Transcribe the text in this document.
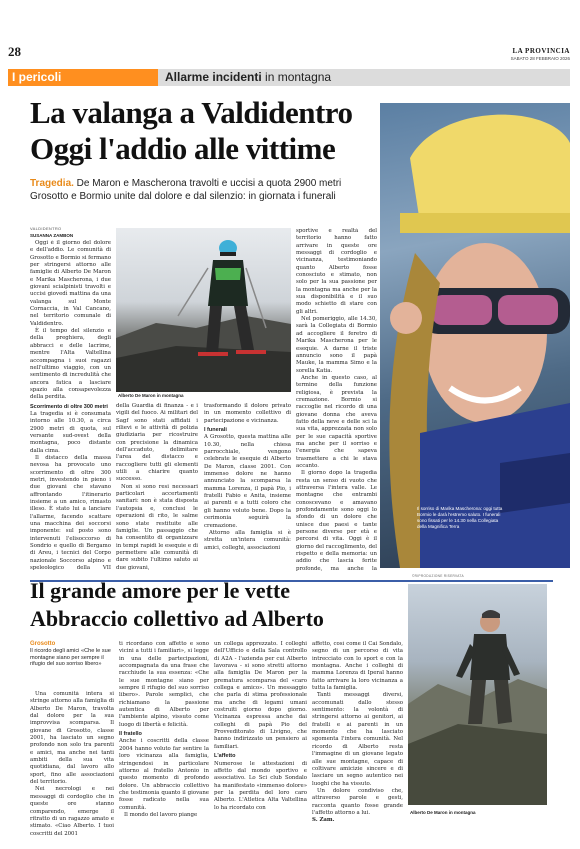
28	LA PROVINCIA
SABATO 28 FEBBRAIO 2026
I pericoli	Allarme incidenti in montagna
La valanga a Valdidentro
Oggi l'addio alle vittime
Tragedia. De Maron e Mascherona travolti e uccisi a quota 2900 metri Grosotto e Bormio unite dal dolore e dal silenzio: in giornata i funerali
VALDIDENTRO
SUSANNA ZAMBON

Oggi è il giorno del dolore e dell'addio. Le comunità di Grosotto e Bormio si fermano per stringersi attorno alle famiglie di Alberto De Maron e Marika Mascherona, i due giovani scialpinisti travolti e uccisi giovedì mattina da una valanga sul Monte Cornaccia, in Val Cancano, nel territorio comunale di Valdidentro.

È il tempo del silenzio e della preghiera, degli abbracci e delle lacrime, mentre l'Alta Valtellina accompagna i suoi ragazzi nell'ultimo viaggio, con un sentimento di incredulità che ancora fatica a lasciare spazio alla consapevolezza della perdita.

Scorrimento di oltre 300 metri

La tragedia si è consumata intorno alle 10.30, a circa 2900 metri di quota, sul versante sud-ovest della montagna, poco distante dalla cima.

Il distacco della massa nevosa ha provocato uno scorrimento di oltre 300 metri, investendo in pieno i due giovani che stavano affrontando l'itinerario insieme a un amico, rimasto illeso. È stato lui a lanciare l'allarme, facendo scattare una macchina dei soccorsi imponente: sul posto sono intervenuti l'elisoccorso di Sondrio e quello di Bergamo di Areu, i tecnici del Corpo nazionale Soccorso alpino e speleologico della VII

Alberto De Maron in montagna

della Guardia di finanza - e i vigili del fuoco. Ai militari del Sagf sono stati affidati i rilievi e le attività di polizia giudiziaria per ricostruire con precisione la dinamica dell'accaduto, delimitare l'area del distacco e raccogliere tutti gli elementi utili a chiarire quanto successo.

Non si sono resi necessari particolari accertamenti sanitari: non è stata disposta l'autopsia e, conclusi le operazioni di rito, le salme sono state restituite alle famiglie. Un passaggio che ha consentito di organizzare in tempi rapidi le esequie e di permettere alle comunità di dare subito l'ultimo saluto ai due giovani,

trasformando il dolore privato in un momento collettivo di partecipazione e vicinanza.

I funerali

A Grosotto, questa mattina alle 10.30, nella chiesa parrocchiale, vengono celebrate le esequie di Alberto De Maron, classe 2001. Con immenso dolore ne hanno annunciato la scomparsa la mamma Lorenza, il papà Pio, i fratelli Fabio e Anita, insieme ai parenti e a tutti coloro che gli hanno voluto bene. Dopo la cerimonia seguirà la cremazione.

Attorno alla famiglia si è stretta un'intera comunità: amici, colleghi, associazioni

sportive e realtà del territorio hanno fatto arrivare in queste ore messaggi di cordoglio e vicinanza, testimoniando quanto Alberto fosse conosciuto e stimato, non solo per la sua passione per la montagna ma anche per la sua disponibilità e il suo modo schietto di stare con gli altri.

Nel pomeriggio, alle 14.30, sarà la Collegiata di Bormio ad accogliere il feretro di Marika Mascherona per le esequie. A darne il triste annuncio sono il papà Mauke, la mamma Simo e la sorella Katia.

Anche in questo caso, al termine della funzione religiosa, è prevista la cremazione. Bormio si raccoglie nel ricordo di una giovane donna che aveva fatto della neve e delle sci la sua vita, apprezzata non solo per le sue capacità sportive ma anche per il sorriso e l'energia che sapeva trasmettere a chi le stava accanto.

Il giorno dopo la tragedia resta un senso di vuoto che attraversa l'intera valle. Le montagne che entrambi conoscevano e amavano profondamente sono oggi lo sfondo di un dolore che unisce due paesi e tante persone diverse per età e percorsi di vita. Oggi è il giorno del raccoglimento, del rispetto e della memoria: un addio che lascia ferite profonde, ma anche la

Il sorriso di Marika Mascherona: oggi tutta Bormio le darà l'estremo saluto. I funerali sono fissati per le 14.30 nella Collegiata della Magnifica Terra
©RIPRODUZIONE RISERVATA
Il grande amore per le vette
Abbraccio collettivo ad Alberto
Grosotto
Il ricordo degli amici «Che le sue montagne siano per sempre il rifugio del suo sorriso libero»

Una comunità intera si stringe attorno alla famiglia di Alberto De Maron, travolta dal dolore per la sua improvvisa scomparsa. Il giovane di Grosotto, classe 2001, ha lasciato un segno profondo non solo tra parenti e amici, ma anche nei tanti ambiti della sua vita quotidiana, dal lavoro allo sport, fino alle associazioni del territorio.

Nei necrologi e nei messaggi di cordoglio che in queste ore stanno comparendo, emerge il ritratto di un ragazzo amato e stimato. «Ciao Alberto. I tuoi coscritti del 2001

ti ricordano con affetto e sono vicini a tutti i familiari», si legge in una delle partecipazioni, accompagnata da una frase che racchiude la sua essenza: «Che le sue montagne siano per sempre il rifugio del suo sorriso libero». Parole semplici, che richiamano la passione autentica di Alberto per l'ambiente alpino, vissuto come luogo di libertà e felicità.

Il fratello

Anche i coscritti della classe 2004 hanno voluto far sentire la loro vicinanza alla famiglia, stringendosi in particolare attorno al fratello Antonio in questo momento di profondo dolore. Un abbraccio collettivo che testimonia quanto il giovane fosse radicato nella sua comunità.

Il mondo del lavoro piange

un collega apprezzato. I colleghi dell'Ufficio e della Sala controllo di A2A - l'azienda per cui Alberto lavorava - si sono stretti attorno alla famiglia De Maron per la prematura scomparsa del «caro collega e amico». Un messaggio che parla di stima professionale ma anche di legami umani costruiti giorno dopo giorno. Vicinanza espressa anche dai colleghi di papà Pio del Provveditorato di Livigno, che hanno indirizzato un pensiero ai familiari.

L'affetto

Numerose le attestazioni di affetto dal mondo sportivo e associativo. Lo Sci club Sondalo ha manifestato «immenso dolore» per la perdita del loro caro Alberto. L'Atletica Alta Valtellina lo ha ricordato con

affetto, così come il Cai Sondalo, segno di un percorso di vita intrecciato con lo sport e con la montagna. Anche i colleghi di mamma Lorenza di Iperal hanno fatto arrivare la loro vicinanza a tutta la famiglia.

Tanti messaggi diversi, accomunati dallo stesso sentimento: la volontà di stringersi attorno ai genitori, ai fratelli e ai parenti in un momento che ha lasciato sgomenta l'intera comunità. Nel ricordo di Alberto resta l'immagine di un giovane legato alle sue montagne, capace di coltivare amicizie sincere e di lasciare un segno autentico nei luoghi che ha vissuto.

Un dolore condiviso che, attraverso parole e gesti, racconta quanto fosse grande l'affetto attorno a lui.

S. Zam.

Alberto De Maron in montagna
